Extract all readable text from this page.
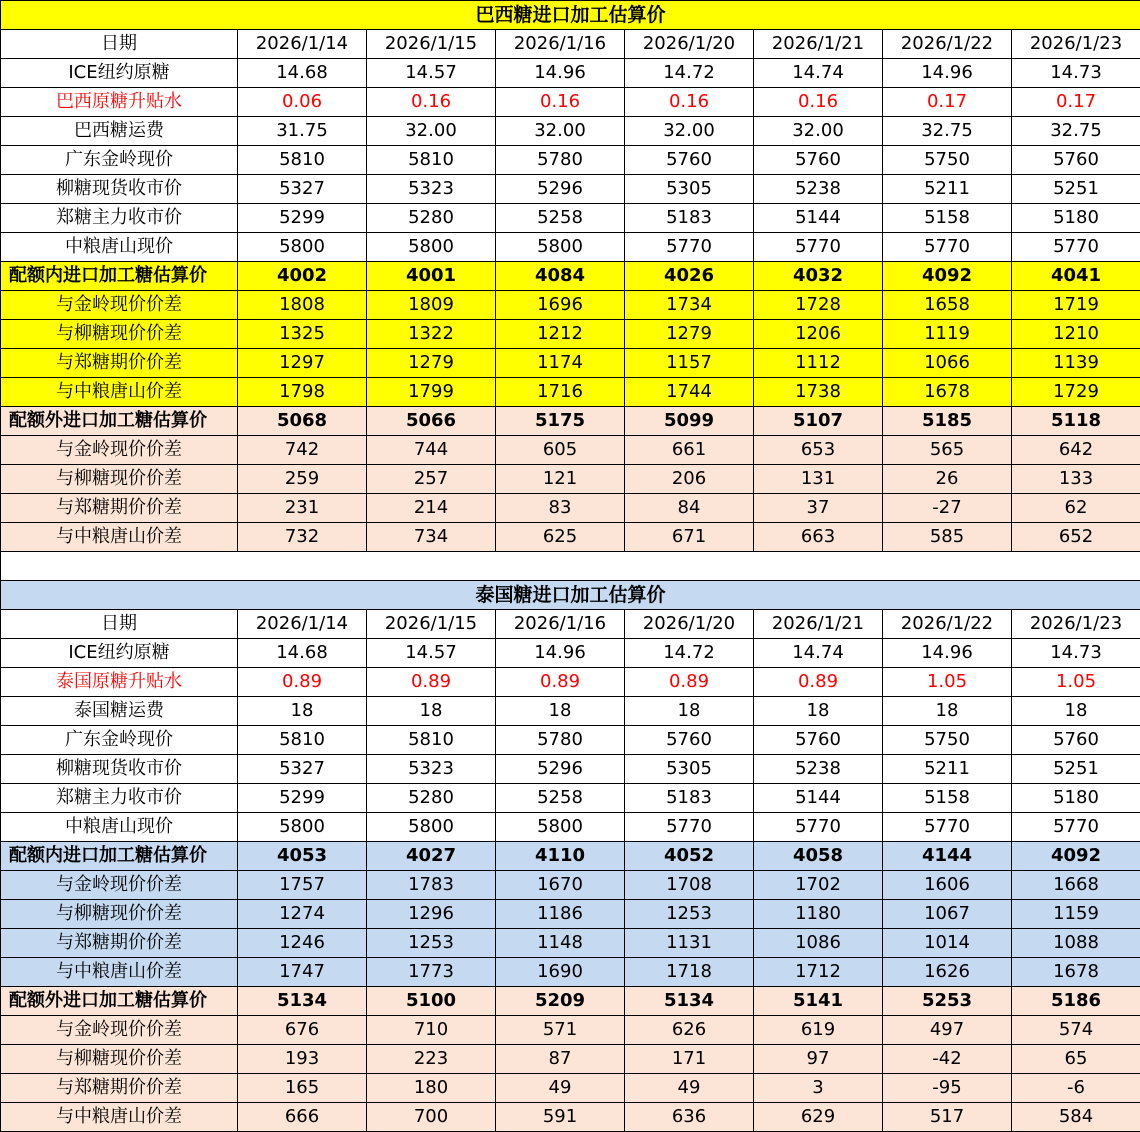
巴西糖进口加工估算价							
日期	2026/1/14	2026/1/15	2026/1/16	2026/1/20	2026/1/21	2026/1/22	2026/1/23
ICE纽约原糖	14.68	14.57	14.96	14.72	14.74	14.96	14.73
巴西原糖升贴水	0.06	0.16	0.16	0.16	0.16	0.17	0.17
巴西糖运费	31.75	32.00	32.00	32.00	32.00	32.75	32.75
广东金岭现价	5810	5810	5780	5760	5760	5750	5760
柳糖现货收市价	5327	5323	5296	5305	5238	5211	5251
郑糖主力收市价	5299	5280	5258	5183	5144	5158	5180
中粮唐山现价	5800	5800	5800	5770	5770	5770	5770
配额内进口加工糖估算价	4002	4001	4084	4026	4032	4092	4041
与金岭现价价差	1808	1809	1696	1734	1728	1658	1719
与柳糖现价价差	1325	1322	1212	1279	1206	1119	1210
与郑糖期价价差	1297	1279	1174	1157	1112	1066	1139
与中粮唐山价差	1798	1799	1716	1744	1738	1678	1729
配额外进口加工糖估算价	5068	5066	5175	5099	5107	5185	5118
与金岭现价价差	742	744	605	661	653	565	642
与柳糖现价价差	259	257	121	206	131	26	133
与郑糖期价价差	231	214	83	84	37	-27	62
与中粮唐山价差	732	734	625	671	663	585	652

泰国糖进口加工估算价							
日期	2026/1/14	2026/1/15	2026/1/16	2026/1/20	2026/1/21	2026/1/22	2026/1/23
ICE纽约原糖	14.68	14.57	14.96	14.72	14.74	14.96	14.73
泰国原糖升贴水	0.89	0.89	0.89	0.89	0.89	1.05	1.05
泰国糖运费	18	18	18	18	18	18	18
广东金岭现价	5810	5810	5780	5760	5760	5750	5760
柳糖现货收市价	5327	5323	5296	5305	5238	5211	5251
郑糖主力收市价	5299	5280	5258	5183	5144	5158	5180
中粮唐山现价	5800	5800	5800	5770	5770	5770	5770
配额内进口加工糖估算价	4053	4027	4110	4052	4058	4144	4092
与金岭现价价差	1757	1783	1670	1708	1702	1606	1668
与柳糖现价价差	1274	1296	1186	1253	1180	1067	1159
与郑糖期价价差	1246	1253	1148	1131	1086	1014	1088
与中粮唐山价差	1747	1773	1690	1718	1712	1626	1678
配额外进口加工糖估算价	5134	5100	5209	5134	5141	5253	5186
与金岭现价价差	676	710	571	626	619	497	574
与柳糖现价价差	193	223	87	171	97	-42	65
与郑糖期价价差	165	180	49	49	3	-95	-6
与中粮唐山价差	666	700	591	636	629	517	584
